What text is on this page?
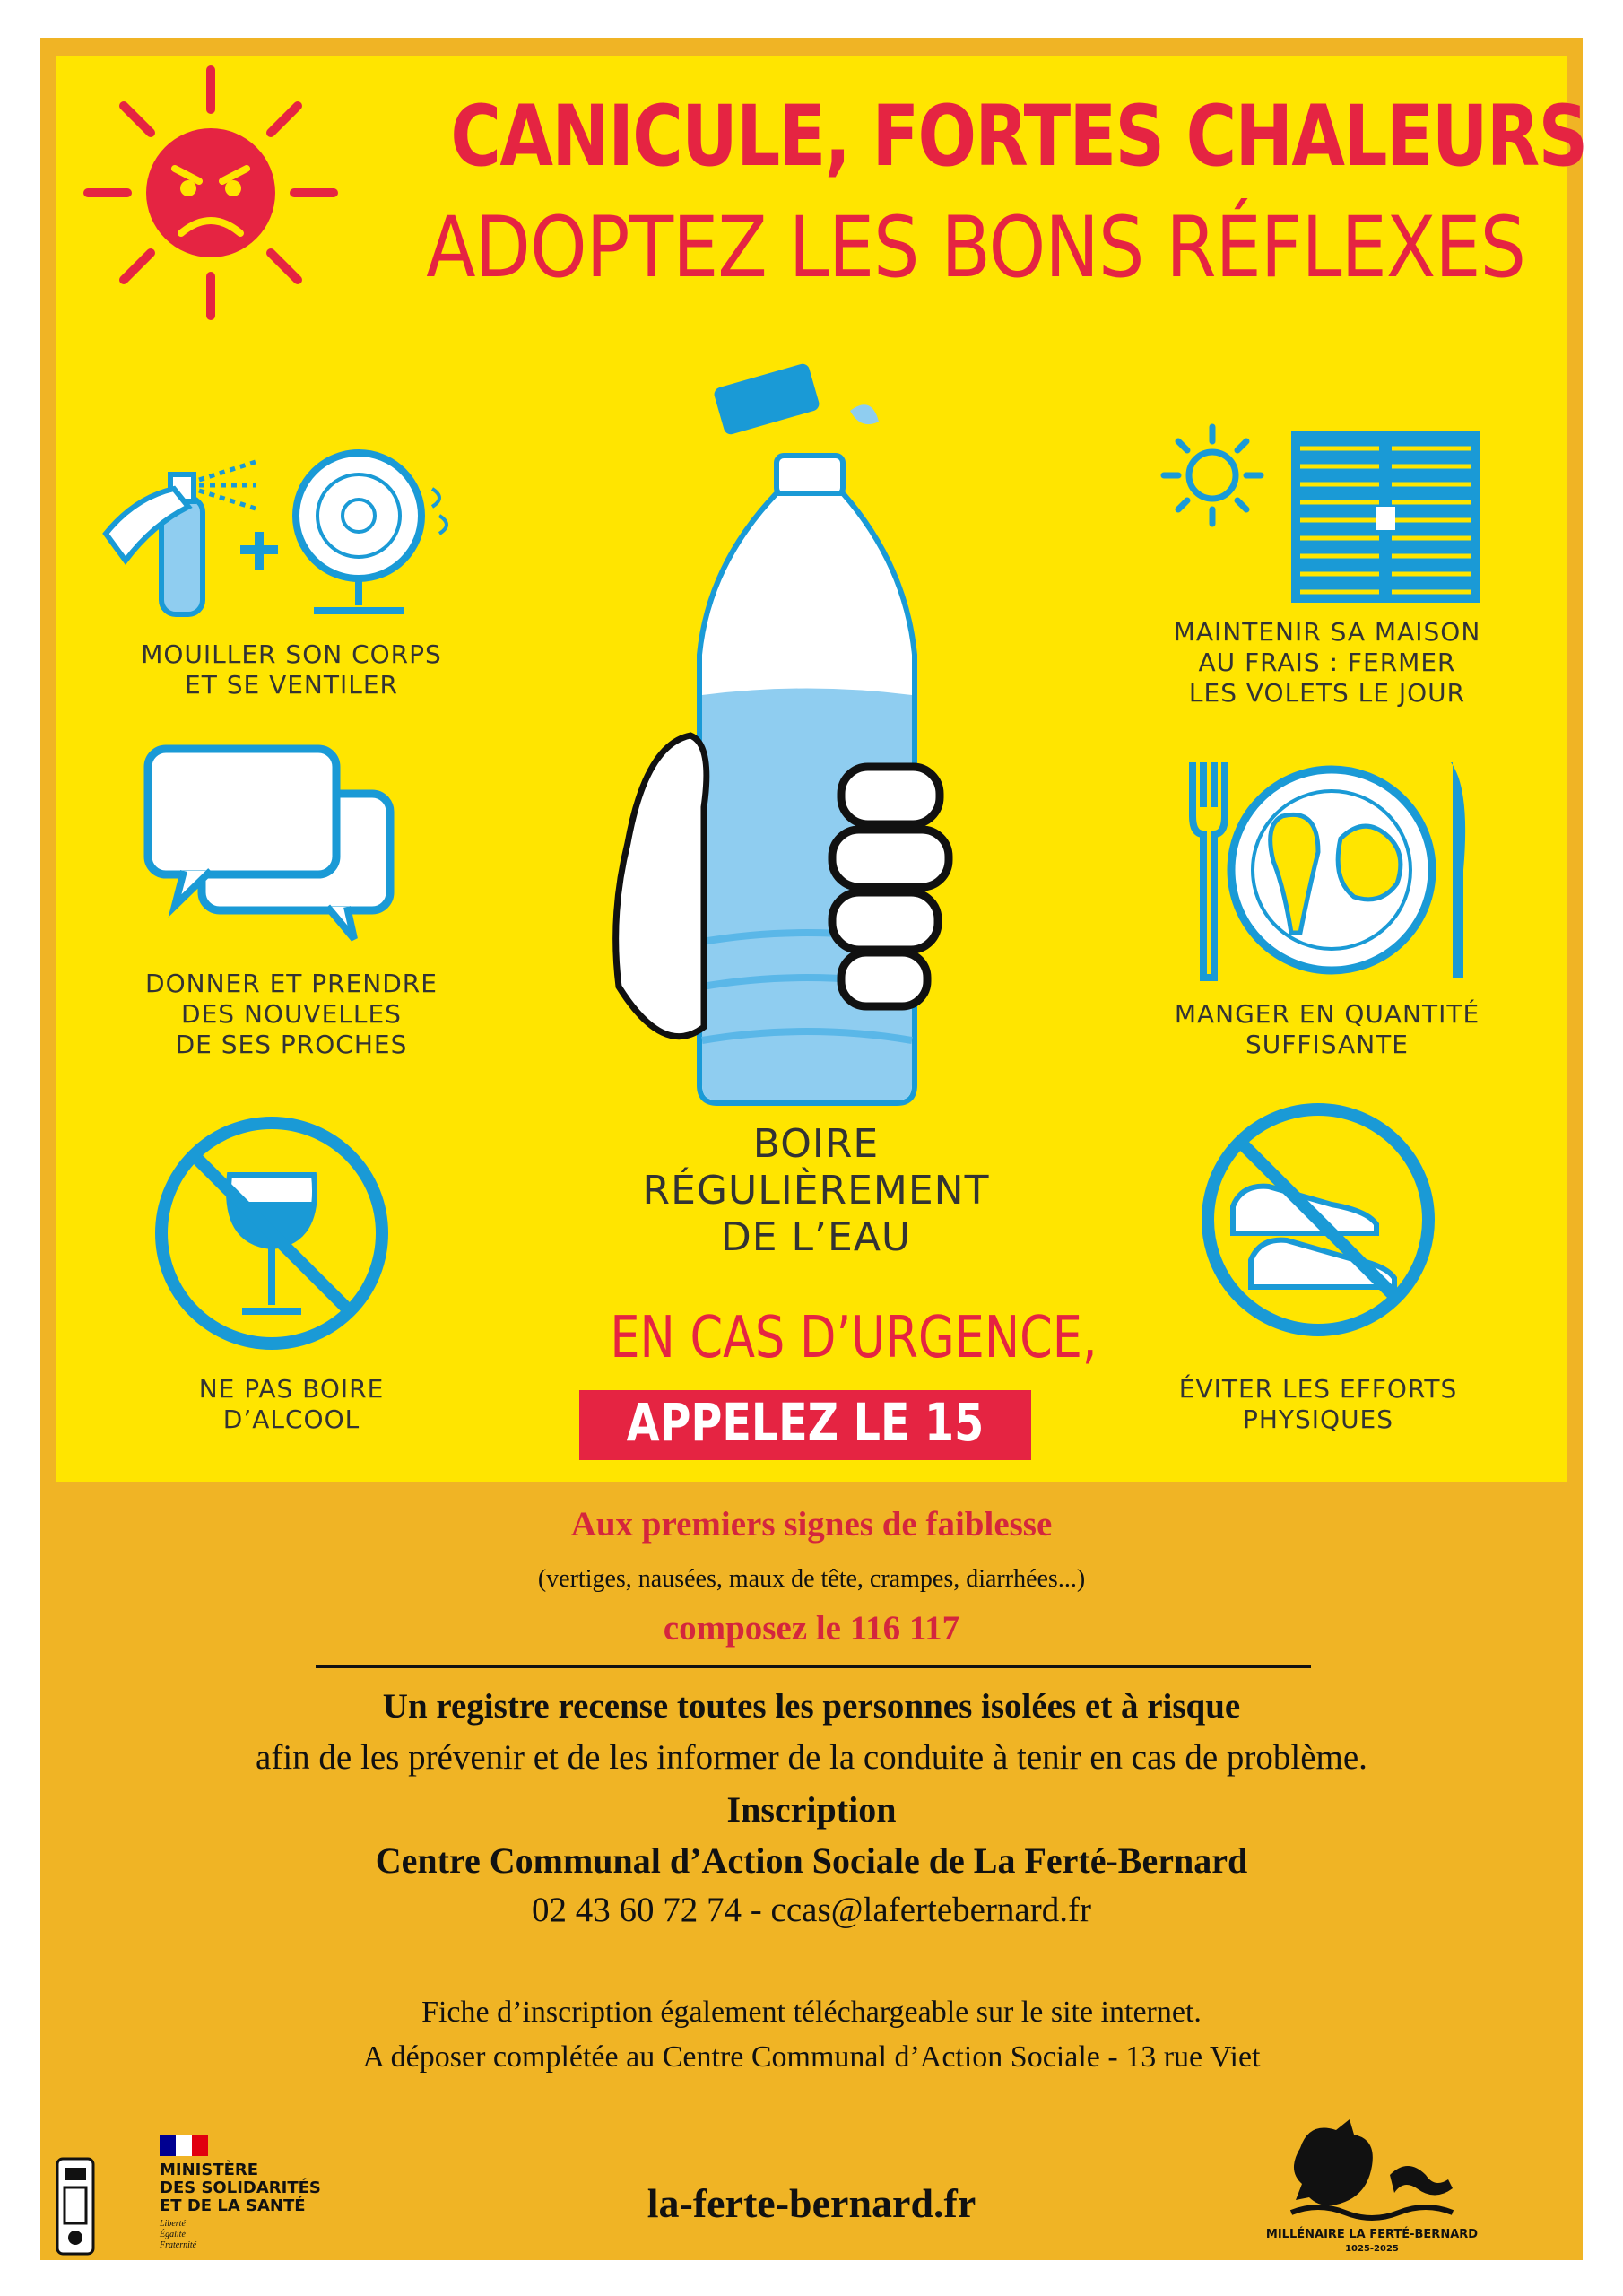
CANICULE, FORTES CHALEURS
ADOPTEZ LES BONS RÉFLEXES
MOUILLER SON CORPS
ET SE VENTILER
DONNER ET PRENDRE
DES NOUVELLES
DE SES PROCHES
NE PAS BOIRE
D’ALCOOL
BOIRE
RÉGULIÈREMENT
DE L’EAU
EN CAS D’URGENCE,
APPELEZ LE 15
MAINTENIR SA MAISON
AU FRAIS : FERMER
LES VOLETS LE JOUR
MANGER EN QUANTITÉ
SUFFISANTE
ÉVITER LES EFFORTS
PHYSIQUES
Aux premiers signes de faiblesse
(vertiges, nausées, maux de tête, crampes, diarrhées...)
composez le 116 117
Un registre recense toutes les personnes isolées et à risque
afin de les prévenir et de les informer de la conduite à tenir en cas de problème.
Inscription
Centre Communal d’Action Sociale de La Ferté-Bernard
02 43 60 72 74 - ccas@lafertebernard.fr
Fiche d’inscription également téléchargeable sur le site internet.
A déposer complétée au Centre Communal d’Action Sociale - 13 rue Viet
MINISTÈRE
DES SOLIDARITÉS
ET DE LA SANTÉ
Liberté
Égalité
Fraternité
la-ferte-bernard.fr
MILLÉNAIRE LA FERTÉ-BERNARD
1025-2025
